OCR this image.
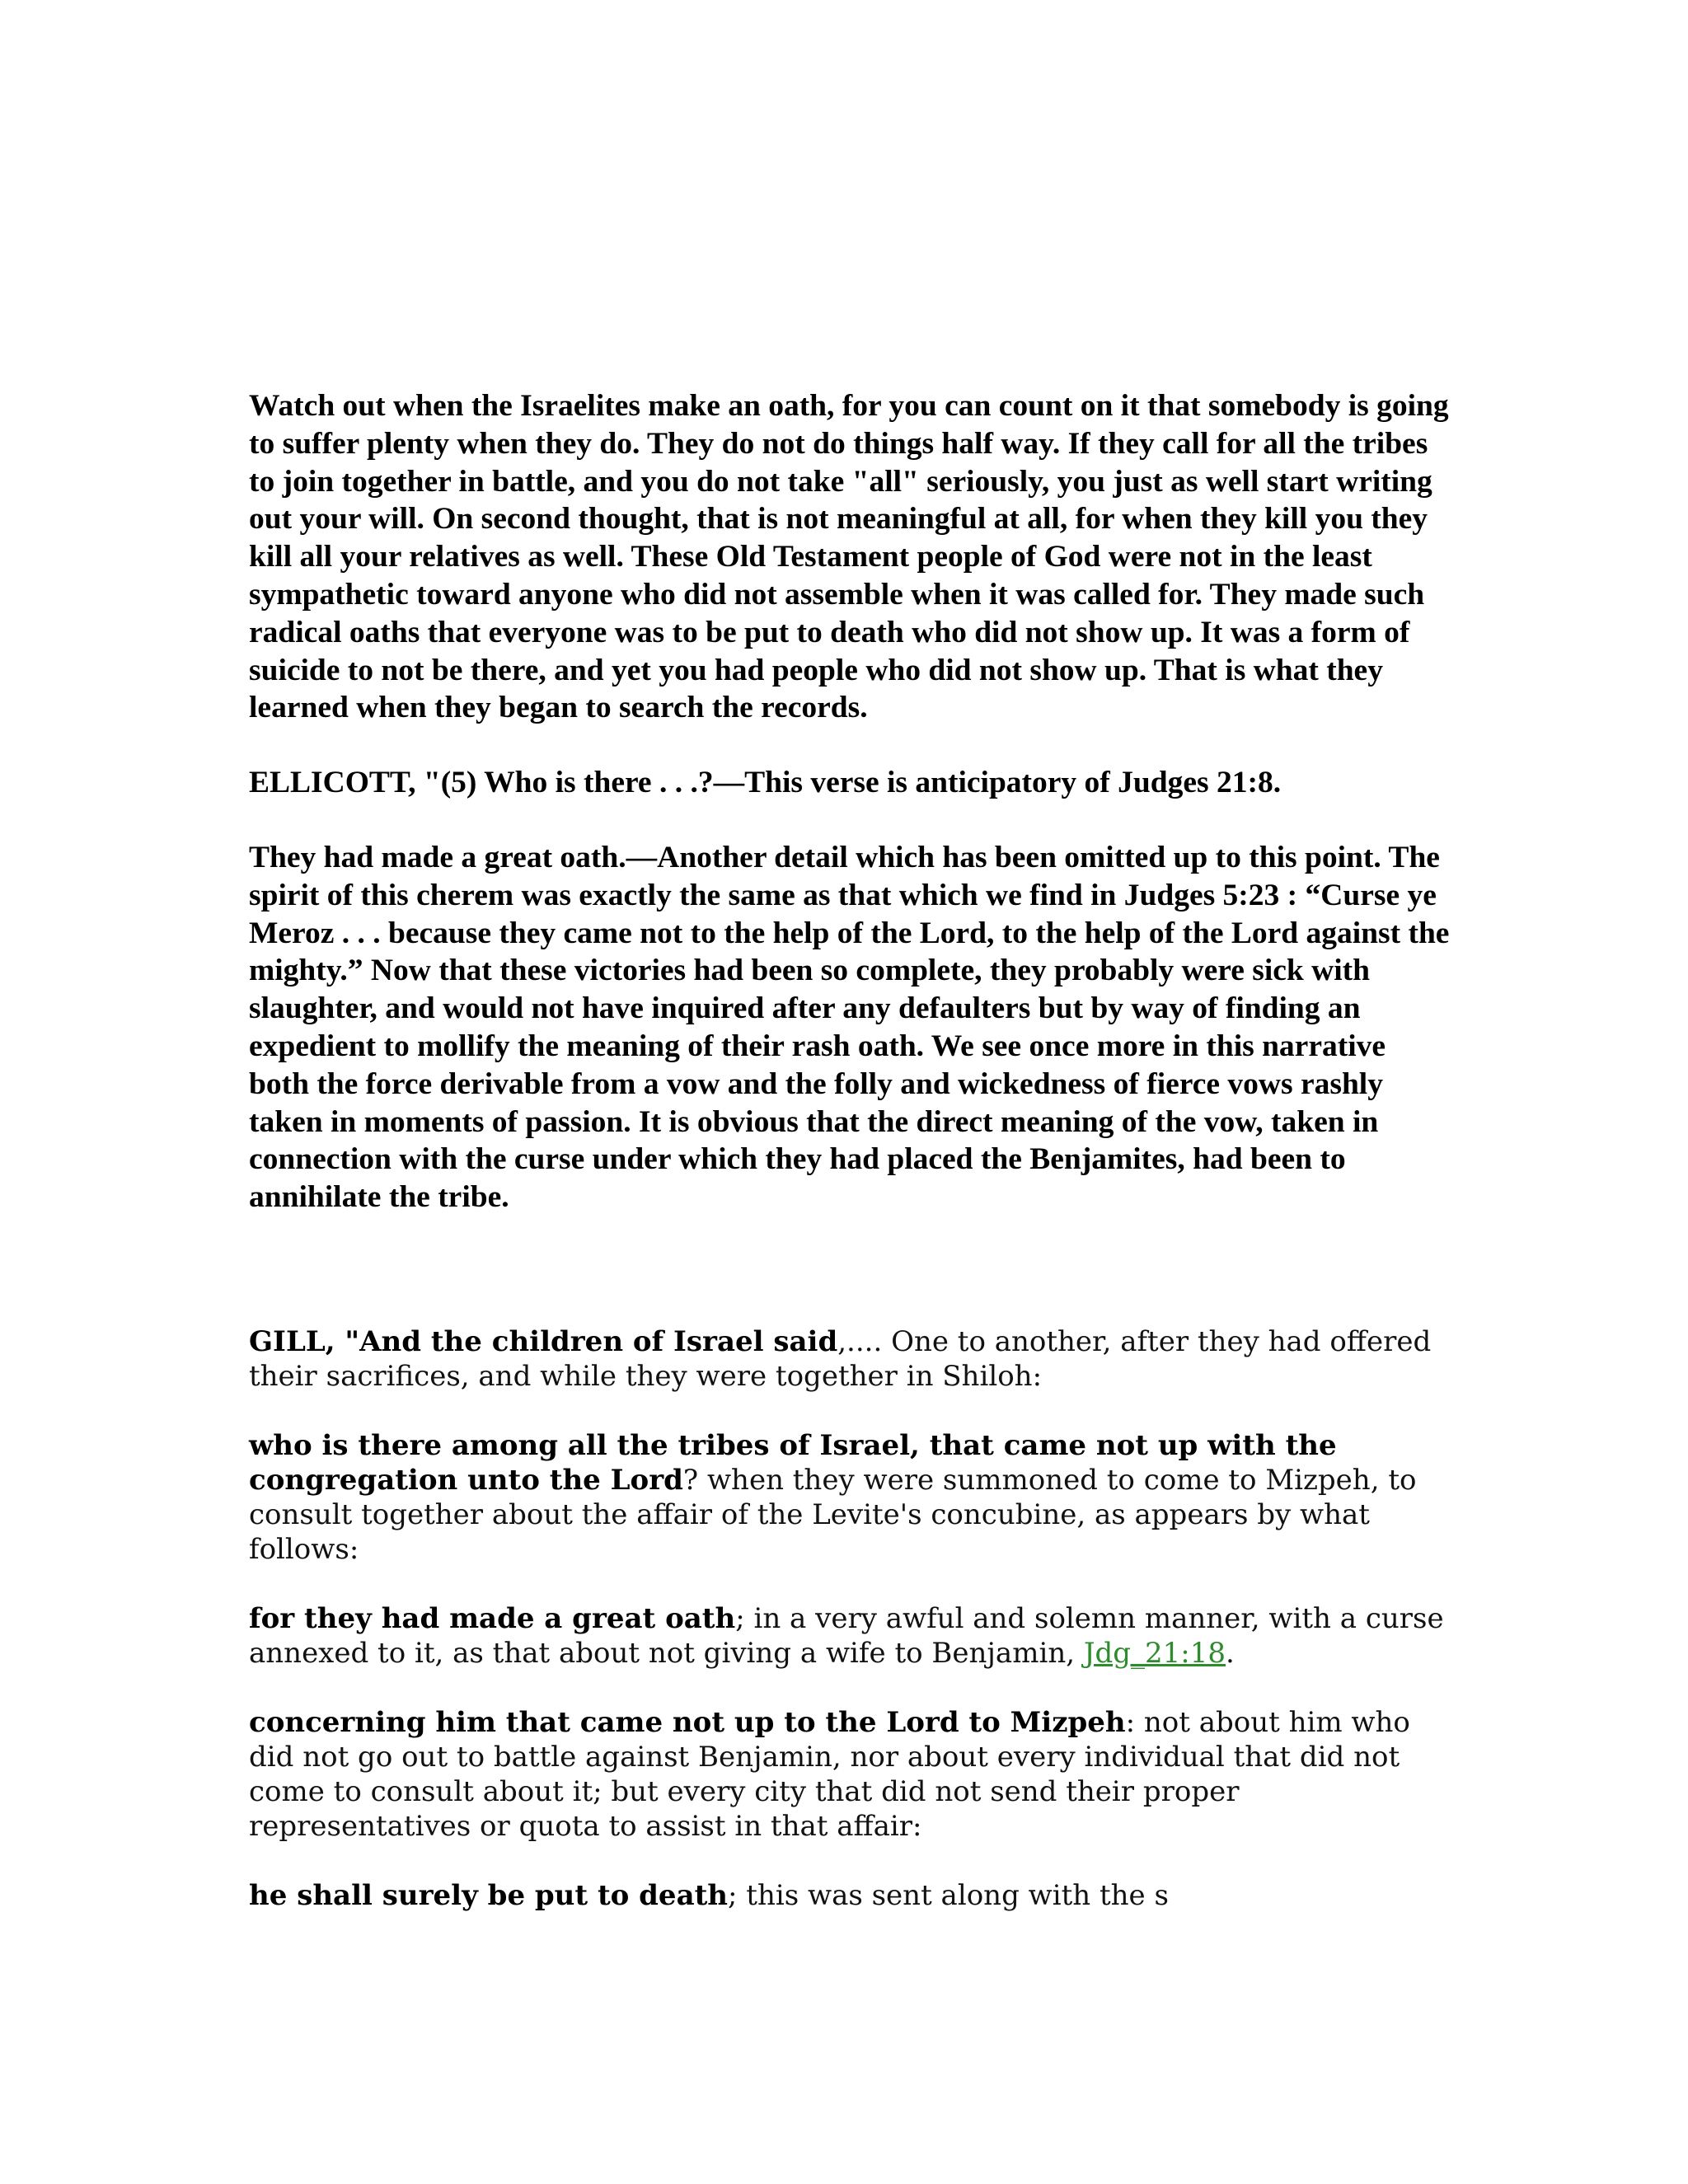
Watch out when the Israelites make an oath, for you can count on it that somebody is going to suffer plenty when they do. They do not do things half way. If they call for all the tribes to join together in battle, and you do not take "all" seriously, you just as well start writing out your will. On second thought, that is not meaningful at all, for when they kill you they kill all your relatives as well. These Old Testament people of God were not in the least sympathetic toward anyone who did not assemble when it was called for. They made such radical oaths that everyone was to be put to death who did not show up. It was a form of suicide to not be there, and yet you had people who did not show up. That is what they learned when they began to search the records.

ELLICOTT, "(5) Who is there . . .?—This verse is anticipatory of Judges 21:8.

They had made a great oath.—Another detail which has been omitted up to this point. The spirit of this cherem was exactly the same as that which we find in Judges 5:23 : “Curse ye Meroz . . . because they came not to the help of the Lord, to the help of the Lord against the mighty.” Now that these victories had been so complete, they probably were sick with slaughter, and would not have inquired after any defaulters but by way of finding an expedient to mollify the meaning of their rash oath. We see once more in this narrative both the force derivable from a vow and the folly and wickedness of fierce vows rashly taken in moments of passion. It is obvious that the direct meaning of the vow, taken in connection with the curse under which they had placed the Benjamites, had been to annihilate the tribe.

GILL, "And the children of Israel said,.... One to another, after they had offered their sacrifices, and while they were together in Shiloh:

who is there among all the tribes of Israel, that came not up with the congregation unto the Lord? when they were summoned to come to Mizpeh, to consult together about the affair of the Levite's concubine, as appears by what follows:

for they had made a great oath; in a very awful and solemn manner, with a curse annexed to it, as that about not giving a wife to Benjamin, Jdg_21:18.

concerning him that came not up to the Lord to Mizpeh: not about him who did not go out to battle against Benjamin, nor about every individual that did not come to consult about it; but every city that did not send their proper representatives or quota to assist in that affair:

he shall surely be put to death; this was sent along with the s
